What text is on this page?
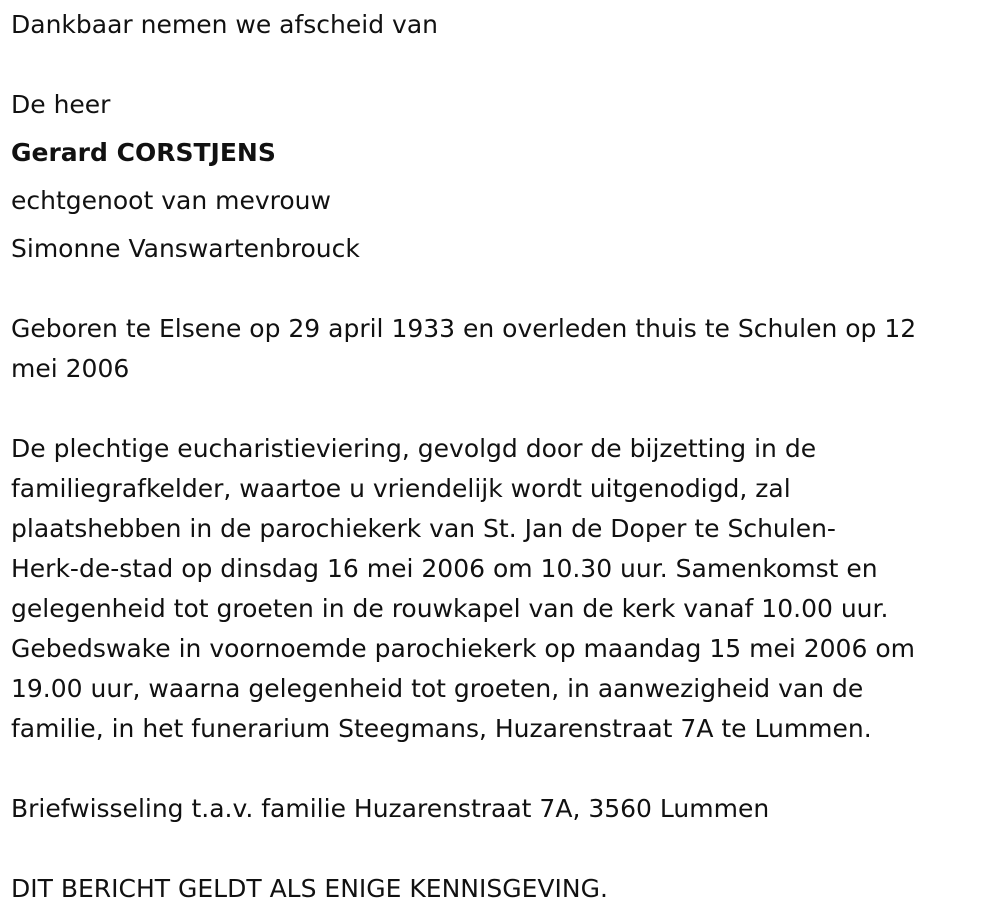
Dankbaar nemen we afscheid van

De heer

Gerard CORSTJENS

echtgenoot van mevrouw

Simonne Vanswartenbrouck

Geboren te Elsene op 29 april 1933 en overleden thuis te Schulen op 12
mei 2006
De plechtige eucharistieviering, gevolgd door de bijzetting in de
familiegrafkelder, waartoe u vriendelijk wordt uitgenodigd, zal
plaatshebben in de parochiekerk van St. Jan de Doper te Schulen-
Herk-de-stad op dinsdag 16 mei 2006 om 10.30 uur. Samenkomst en
gelegenheid tot groeten in de rouwkapel van de kerk vanaf 10.00 uur.
Gebedswake in voornoemde parochiekerk op maandag 15 mei 2006 om
19.00 uur, waarna gelegenheid tot groeten, in aanwezigheid van de
familie, in het funerarium Steegmans, Huzarenstraat 7A te Lummen.

Briefwisseling t.a.v. familie Huzarenstraat 7A, 3560 Lummen

DIT BERICHT GELDT ALS ENIGE KENNISGEVING.
